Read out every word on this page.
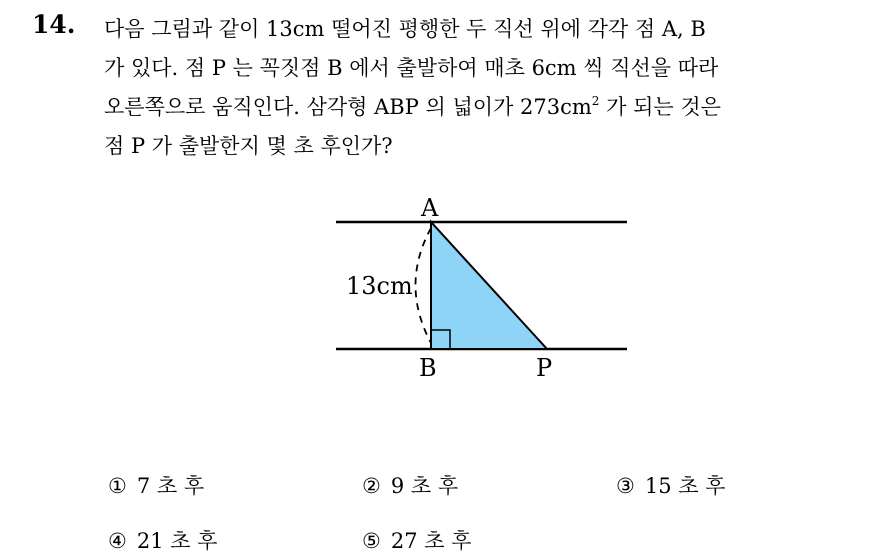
14. 다음 그림과 같이 13cm 떨어진 평행한 두 직선 위에 각각 점 A, B
가 있다. 점 P 는 꼭짓점 B 에서 출발하여 매초 6cm 씩 직선을 따라
오른쪽으로 움직인다. 삼각형 ABP 의 넓이가 $273cm^2$ 가 되는 것은
점 P 가 출발한지 몇 초 후인가?
A
B	P
13cm
① 7 초 후	② 9 초 후	③ 15 초 후
④ 21 초 후	⑤ 27 초 후
